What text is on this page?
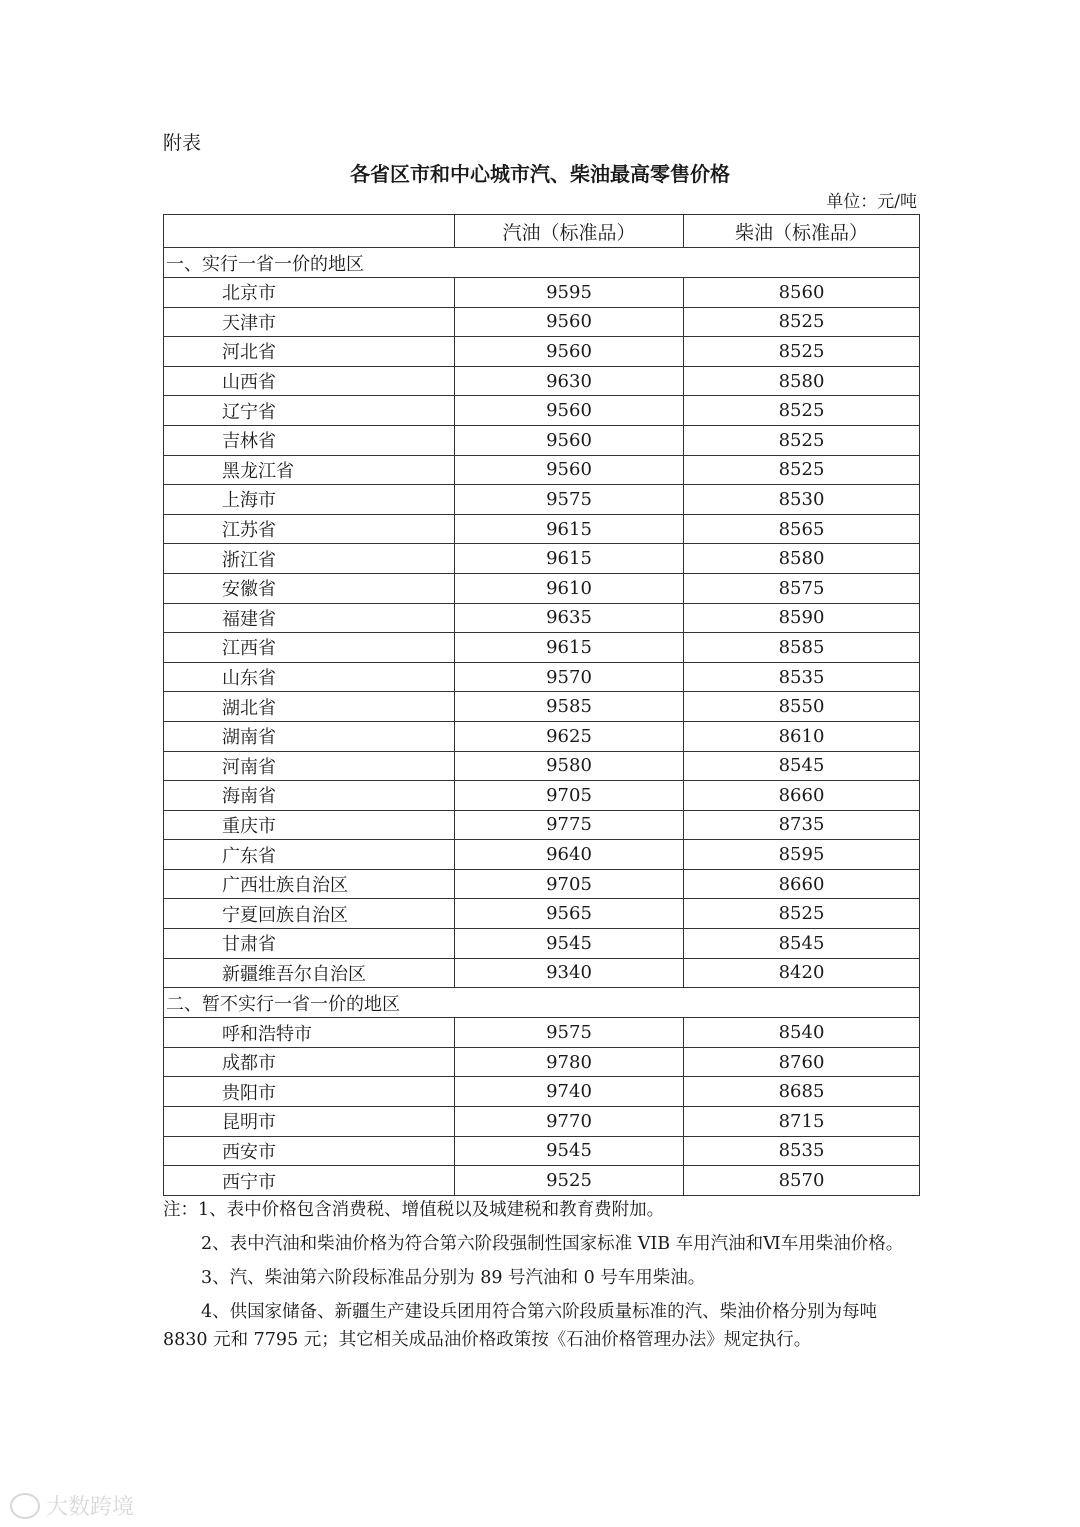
附表
各省区市和中心城市汽、柴油最高零售价格
单位：元/吨
	汽油（标准品）	柴油（标准品）
一、实行一省一价的地区		
北京市	9595	8560
天津市	9560	8525
河北省	9560	8525
山西省	9630	8580
辽宁省	9560	8525
吉林省	9560	8525
黑龙江省	9560	8525
上海市	9575	8530
江苏省	9615	8565
浙江省	9615	8580
安徽省	9610	8575
福建省	9635	8590
江西省	9615	8585
山东省	9570	8535
湖北省	9585	8550
湖南省	9625	8610
河南省	9580	8545
海南省	9705	8660
重庆市	9775	8735
广东省	9640	8595
广西壮族自治区	9705	8660
宁夏回族自治区	9565	8525
甘肃省	9545	8545
新疆维吾尔自治区	9340	8420
二、暂不实行一省一价的地区		
呼和浩特市	9575	8540
成都市	9780	8760
贵阳市	9740	8685
昆明市	9770	8715
西安市	9545	8535
西宁市	9525	8570

注：1、表中价格包含消费税、增值税以及城建税和教育费附加。

2、表中汽油和柴油价格为符合第六阶段强制性国家标准 VIB 车用汽油和Ⅵ车用柴油价格。

3、汽、柴油第六阶段标准品分别为 89 号汽油和 0 号车用柴油。

4、供国家储备、新疆生产建设兵团用符合第六阶段质量标准的汽、柴油价格分别为每吨 8830 元和 7795 元；其它相关成品油价格政策按《石油价格管理办法》规定执行。

大数跨境
